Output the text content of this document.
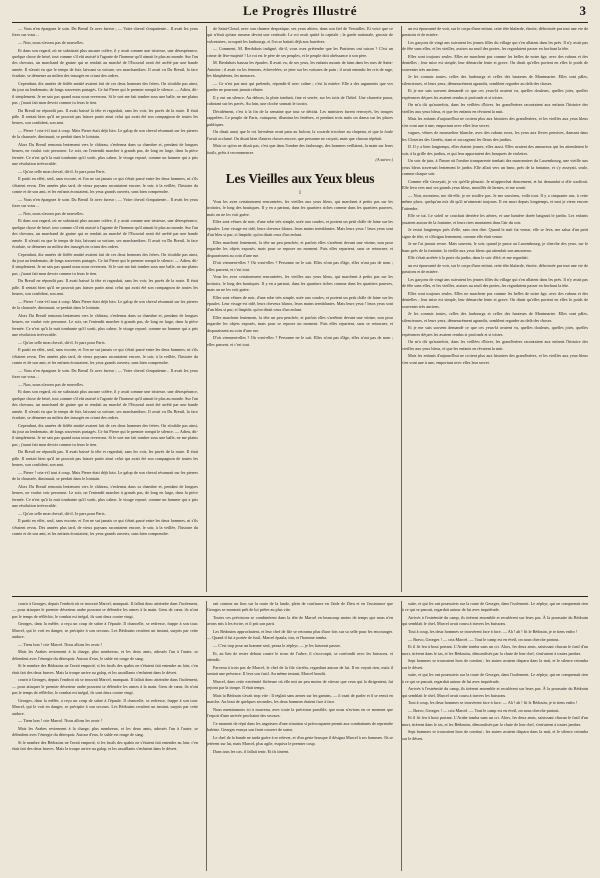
Le Progrès Illustré	3

— Vous n'en épargnez le soin. Du Breuil l'a avec fureur ; — Votre cheval s'impatiente... Il avait les yeux fixes sur vous ...

— Non, nous n'avons pas de nouvelles.

Et dans son regard, où ne subsistait plus aucune colère, il y avait comme une tristesse, une désespérance, quelque chose de brisé, tout comme s'il eût assisté à l'agonie de l'homme qu'il aimait le plus au monde. Sur l'un des chevaux, un marchand de graine qui se rendait au marché de l'Escurial avait été arrêté par une bande armée. Il n'avait eu que le temps de fuir, laissant sa voiture, ses marchandises. Il avait vu Du Breuil, la face écarlate, se démener au milieu des insurgés en criant des ordres.

Cependant, dix années de fidèle amitié avaient fait de ces deux hommes des frères. On n'oublie pas ainsi, du jour au lendemain, de longs souvenirs partagés. Ce fut Pierre qui le premier rompit le silence. — Adieu, dit-il simplement. Je ne sais pas quand nous nous reverrons. Si le sort me fait tomber sous une balle, ne me plains pas ; j'aurai fait mon devoir comme tu feras le tien.

Du Breuil ne répondit pas. Il avait baissé la tête et regardait, sans les voir, les pavés de la route. Il était pâle. Il sentait bien qu'il ne pouvait pas laisser partir ainsi celui qui avait été son compagnon de toutes les heures, son confident, son ami.

— Pierre ! cria-t-il tout à coup. Mais Pierre était déjà loin. Le galop de son cheval résonnait sur les pierres de la chaussée, diminuait, se perdait dans le lointain.

Alors Du Breuil remonta lentement vers le château, s'enferma dans sa chambre et, pendant de longues heures, ne voulut voir personne. Le soir, on l'entendit marcher à grands pas, de long en large, dans la pièce fermée. Ce n'est qu'à la nuit tombante qu'il sortit, plus calme, le visage reposé, comme un homme qui a pris une résolution irrévocable.

— Qu'on selle mon cheval, dit-il. Je pars pour Paris.

Il partit en effet, seul, sans escorte, et l'on ne sut jamais ce qui s'était passé entre les deux hommes, ni s'ils s'étaient revus. Des années plus tard, de vieux paysans racontaient encore, le soir, à la veillée, l'histoire du comte et de son ami, et les enfants écoutaient, les yeux grands ouverts, sans bien comprendre.

— Vous n'en épargnez le soin. Du Breuil l'a avec fureur ; — Votre cheval s'impatiente... Il avait les yeux fixes sur vous ...

— Non, nous n'avons pas de nouvelles.

Et dans son regard, où ne subsistait plus aucune colère, il y avait comme une tristesse, une désespérance, quelque chose de brisé, tout comme s'il eût assisté à l'agonie de l'homme qu'il aimait le plus au monde. Sur l'un des chevaux, un marchand de graine qui se rendait au marché de l'Escurial avait été arrêté par une bande armée. Il n'avait eu que le temps de fuir, laissant sa voiture, ses marchandises. Il avait vu Du Breuil, la face écarlate, se démener au milieu des insurgés en criant des ordres.

Cependant, dix années de fidèle amitié avaient fait de ces deux hommes des frères. On n'oublie pas ainsi, du jour au lendemain, de longs souvenirs partagés. Ce fut Pierre qui le premier rompit le silence. — Adieu, dit-il simplement. Je ne sais pas quand nous nous reverrons. Si le sort me fait tomber sous une balle, ne me plains pas ; j'aurai fait mon devoir comme tu feras le tien.

Du Breuil ne répondit pas. Il avait baissé la tête et regardait, sans les voir, les pavés de la route. Il était pâle. Il sentait bien qu'il ne pouvait pas laisser partir ainsi celui qui avait été son compagnon de toutes les heures, son confident, son ami.

— Pierre ! cria-t-il tout à coup. Mais Pierre était déjà loin. Le galop de son cheval résonnait sur les pierres de la chaussée, diminuait, se perdait dans le lointain.

Alors Du Breuil remonta lentement vers le château, s'enferma dans sa chambre et, pendant de longues heures, ne voulut voir personne. Le soir, on l'entendit marcher à grands pas, de long en large, dans la pièce fermée. Ce n'est qu'à la nuit tombante qu'il sortit, plus calme, le visage reposé, comme un homme qui a pris une résolution irrévocable.

— Qu'on selle mon cheval, dit-il. Je pars pour Paris.

Il partit en effet, seul, sans escorte, et l'on ne sut jamais ce qui s'était passé entre les deux hommes, ni s'ils s'étaient revus. Des années plus tard, de vieux paysans racontaient encore, le soir, à la veillée, l'histoire du comte et de son ami, et les enfants écoutaient, les yeux grands ouverts, sans bien comprendre.

— Vous n'en épargnez le soin. Du Breuil l'a avec fureur ; — Votre cheval s'impatiente... Il avait les yeux fixes sur vous ...

— Non, nous n'avons pas de nouvelles.

Et dans son regard, où ne subsistait plus aucune colère, il y avait comme une tristesse, une désespérance, quelque chose de brisé, tout comme s'il eût assisté à l'agonie de l'homme qu'il aimait le plus au monde. Sur l'un des chevaux, un marchand de graine qui se rendait au marché de l'Escurial avait été arrêté par une bande armée. Il n'avait eu que le temps de fuir, laissant sa voiture, ses marchandises. Il avait vu Du Breuil, la face écarlate, se démener au milieu des insurgés en criant des ordres.

Cependant, dix années de fidèle amitié avaient fait de ces deux hommes des frères. On n'oublie pas ainsi, du jour au lendemain, de longs souvenirs partagés. Ce fut Pierre qui le premier rompit le silence. — Adieu, dit-il simplement. Je ne sais pas quand nous nous reverrons. Si le sort me fait tomber sous une balle, ne me plains pas ; j'aurai fait mon devoir comme tu feras le tien.

Du Breuil ne répondit pas. Il avait baissé la tête et regardait, sans les voir, les pavés de la route. Il était pâle. Il sentait bien qu'il ne pouvait pas laisser partir ainsi celui qui avait été son compagnon de toutes les heures, son confident, son ami.

— Pierre ! cria-t-il tout à coup. Mais Pierre était déjà loin. Le galop de son cheval résonnait sur les pierres de la chaussée, diminuait, se perdait dans le lointain.

Alors Du Breuil remonta lentement vers le château, s'enferma dans sa chambre et, pendant de longues heures, ne voulut voir personne. Le soir, on l'entendit marcher à grands pas, de long en large, dans la pièce fermée. Ce n'est qu'à la nuit tombante qu'il sortit, plus calme, le visage reposé, comme un homme qui a pris une résolution irrévocable.

— Qu'on selle mon cheval, dit-il. Je pars pour Paris.

Il partit en effet, seul, sans escorte, et l'on ne sut jamais ce qui s'était passé entre les deux hommes, ni s'ils s'étaient revus. Des années plus tard, de vieux paysans racontaient encore, le soir, à la veillée, l'histoire du comte et de son ami, et les enfants écoutaient, les yeux grands ouverts, sans bien comprendre.

de Saint-Cloud, avec son charme despotique, ses yeux altiers, dans son fief de Versailles. Et voici que ce qui n'était qu'une rumeur devint une certitude. Le roi avait quitté la capitale ; la garde nationale, grossie de volontaires, occupait les faubourgs, et l'on se battait déjà aux barrières.

— Comment, M. Berdubois indigné, dit-il, vous osez prétendre que les Parisiens ont raison ? C'est un crime de lèse-majesté ! Le roi est le père de ses peuples, et le peuple doit obéissance à son père.

M. Berdubois haussa les épaules. Il avait vu, de ses yeux, les enfants mourir de faim dans les rues de Saint-Antoine ; il avait vu les femmes, échevelées, se jeter sur les voitures de pain ; il avait entendu les cris de rage, les blasphèmes, les menaces.

— Ce n'est pas moi qui prétends, répondit-il avec calme ; c'est la misère. Elle a des arguments que vos gardes ne pourront jamais réfuter.

Il y eut un silence. Au dehors, la pluie tombait, fine et serrée, sur les toits de l'hôtel. Une charrette passa, cahotant sur les pavés. Au loin, une cloche sonnait le tocsin.

Décidément, c'est à la fin de la semaine que tout se décida. Les ministres furent renvoyés, les troupes rappelées. Le peuple de Paris, vainqueur, illumina les fenêtres, et pendant trois nuits on dansa sur les places publiques.

On disait aussi que le roi lui-même avait paru au balcon, la cocarde tricolore au chapeau, et que la foule l'avait acclamé. On disait bien d'autres choses encore, que personne ne croyait, mais que chacun répétait.

Mais ce qu'on ne disait pas, c'est que dans l'ombre des faubourgs, des hommes veillaient, la main sur leurs fusils, prêts à recommencer.

(A suivre.)
Les Vieilles aux Yeux bleus
I

Vous les avez certainement rencontrées, les vieilles aux yeux bleus, qui marchent à petits pas sur les trottoirs, le long des boutiques. Il y en a partout, dans les quartiers riches comme dans les quartiers pauvres, mais on ne les voit guère.

Elles sont vêtues de noir, d'une robe très simple, usée aux coudes, et portent un petit châle de laine sur les épaules. Leur visage est ridé, leurs cheveux blancs, leurs mains tremblantes. Mais leurs yeux ! leurs yeux sont d'un bleu si pur, si limpide, qu'on dirait ceux d'un enfant.

Elles marchent lentement, la tête un peu penchée, et parfois elles s'arrêtent devant une vitrine, non pour regarder les objets exposés, mais pour se reposer un moment. Puis elles repartent, sans se retourner, et disparaissent au coin d'une rue.

D'où viennent-elles ? Où vont-elles ? Personne ne le sait. Elles n'ont pas d'âge, elles n'ont pas de nom ; elles passent, et c'est tout.

Vous les avez certainement rencontrées, les vieilles aux yeux bleus, qui marchent à petits pas sur les trottoirs, le long des boutiques. Il y en a partout, dans les quartiers riches comme dans les quartiers pauvres, mais on ne les voit guère.

Elles sont vêtues de noir, d'une robe très simple, usée aux coudes, et portent un petit châle de laine sur les épaules. Leur visage est ridé, leurs cheveux blancs, leurs mains tremblantes. Mais leurs yeux ! leurs yeux sont d'un bleu si pur, si limpide, qu'on dirait ceux d'un enfant.

Elles marchent lentement, la tête un peu penchée, et parfois elles s'arrêtent devant une vitrine, non pour regarder les objets exposés, mais pour se reposer un moment. Puis elles repartent, sans se retourner, et disparaissent au coin d'une rue.

D'où viennent-elles ? Où vont-elles ? Personne ne le sait. Elles n'ont pas d'âge, elles n'ont pas de nom ; elles passent, et c'est tout.

un est épouvanté de voir, sur le corps d'une enfant, cette tête blafarde, étroite, défroissée par tout une vie de passions et de misère.

Les garçons de vingt ans suivaient les jeunes filles du village qui s'en allaient dans les prés. Il n'y avait pas de fête sans elles, et les vieilles, assises au seuil des portes, les regardaient passer en hochant la tête.

Elles sont toujours seules. Elles ne marchent pas comme les belles de notre âge, avec des rubans et des dentelles ; leur mise est simple, leur démarche lente et grave. On dirait qu'elles portent en elles le poids de souvenirs très anciens.

Je les connais toutes, celles des faubourgs et celles des hauteurs de Montmartre. Elles sont pâles, silencieuses, et leurs yeux, démesurément agrandis, semblent regarder au delà des choses.

Et je me suis souvent demandé ce que ces yeux-là avaient vu, quelles douleurs, quelles joies, quelles espérances déçues les avaient rendus si profonds et si tristes.

On m'a dit qu'autrefois, dans les veillées d'hiver, les grand'mères racontaient aux enfants l'histoire des vieilles aux yeux bleus, et que les enfants en rêvaient la nuit.

Mais les enfants d'aujourd'hui ne croient plus aux histoires des grand'mères, et les vieilles aux yeux bleus s'en vont une à une, emportant avec elles leur secret.

vagues, vêtues de mousseline blanche, avec des rubans roses, les yeux aux lèvres pensives, dansant dans les Closeries des Genêts, riant et saccageant les fleurs des jardins.

II. Il y a bien longtemps, elles étaient jeunes, elles aussi. Elles avaient des amoureux qui les attendaient le soir, à la grille des jardins, et qui leur apportaient des bouquets de violettes.

Un soir de juin, à l'heure où l'ombre transparente tombait des marronniers du Luxembourg, une vieille aux yeux bleus traversait lentement le jardin. Elle allait vers un banc, près de la fontaine, et s'y asseyait, seule, comme chaque soir.

Comme elle s'asseyait, je vis qu'elle pleurait. Je m'approchai doucement, et lui demandai si elle souffrait. Elle leva vers moi ses grands yeux bleus, mouillés de larmes, et me sourit.

— Non, monsieur, me dit-elle, je ne souffre pas. Je me souviens, voilà tout. Il y a cinquante ans, à cette même place, quelqu'un m'a dit qu'il m'aimerait toujours. Il est mort depuis longtemps, et moi je viens encore l'attendre.

Elle se tut. Le soleil se couchait derrière les arbres, et une lumière dorée baignait le jardin. Les enfants jouaient autour de la fontaine, et leurs rires montaient dans l'air du soir.

Je restai longtemps près d'elle, sans rien dire. Quand la nuit fut venue, elle se leva, me salua d'un petit signe de tête, et s'éloigna lentement, comme elle était venue.

Je ne l'ai jamais revue. Mais souvent, le soir, quand je passe au Luxembourg, je cherche des yeux, sur le banc près de la fontaine, la vieille aux yeux bleus qui attendait son amoureux.

Elle s'était arrêtée à la porte du jardin, dans le soir d'été, et me regardait.

un est épouvanté de voir, sur le corps d'une enfant, cette tête blafarde, étroite, défroissée par tout une vie de passions et de misère.

Les garçons de vingt ans suivaient les jeunes filles du village qui s'en allaient dans les prés. Il n'y avait pas de fête sans elles, et les vieilles, assises au seuil des portes, les regardaient passer en hochant la tête.

Elles sont toujours seules. Elles ne marchent pas comme les belles de notre âge, avec des rubans et des dentelles ; leur mise est simple, leur démarche lente et grave. On dirait qu'elles portent en elles le poids de souvenirs très anciens.

Je les connais toutes, celles des faubourgs et celles des hauteurs de Montmartre. Elles sont pâles, silencieuses, et leurs yeux, démesurément agrandis, semblent regarder au delà des choses.

Et je me suis souvent demandé ce que ces yeux-là avaient vu, quelles douleurs, quelles joies, quelles espérances déçues les avaient rendus si profonds et si tristes.

On m'a dit qu'autrefois, dans les veillées d'hiver, les grand'mères racontaient aux enfants l'histoire des vieilles aux yeux bleus, et que les enfants en rêvaient la nuit.

Mais les enfants d'aujourd'hui ne croient plus aux histoires des grand'mères, et les vieilles aux yeux bleus s'en vont une à une, emportant avec elles leur secret.

courir à Georges, depuis l'endroit où se trouvait Marcel, manquait. Il fallait donc atteindre dans l'isolement, — pour attaquer le premier déserteur arabe pouvant se défendre les armes à la main. Gens de cœur, ils n'ont pas le temps de réfléchir, le combat est inégal, ils sont deux contre vingt.

Georges, dans la mêlée, a reçu un coup de sabre à l'épaule. Il chancelle, se redresse, frappe à son tour. Marcel, qui le voit en danger, se précipite à son secours. Les Bédouins reculent un instant, surpris par cette audace.

— Tiens bon ! crie Marcel. Nous allons les avoir !

Mais les Arabes reviennent à la charge, plus nombreux, et les deux amis, adossés l'un à l'autre, se défendent avec l'énergie du désespoir. Autour d'eux, le sable est rouge de sang.

Si le nombre des Bédouins ne l'avait emporté, si les fusils des spahis ne s'étaient fait entendre au loin, c'en était fait des deux braves. Mais la troupe arrive au galop, et les assaillants s'enfuient dans le désert.

courir à Georges, depuis l'endroit où se trouvait Marcel, manquait. Il fallait donc atteindre dans l'isolement, — pour attaquer le premier déserteur arabe pouvant se défendre les armes à la main. Gens de cœur, ils n'ont pas le temps de réfléchir, le combat est inégal, ils sont deux contre vingt.

Georges, dans la mêlée, a reçu un coup de sabre à l'épaule. Il chancelle, se redresse, frappe à son tour. Marcel, qui le voit en danger, se précipite à son secours. Les Bédouins reculent un instant, surpris par cette audace.

— Tiens bon ! crie Marcel. Nous allons les avoir !

Mais les Arabes reviennent à la charge, plus nombreux, et les deux amis, adossés l'un à l'autre, se défendent avec l'énergie du désespoir. Autour d'eux, le sable est rouge de sang.

Si le nombre des Bédouins ne l'avait emporté, si les fusils des spahis ne s'étaient fait entendre au loin, c'en était fait des deux braves. Mais la troupe arrive au galop, et les assaillants s'enfuient dans le désert.

rait comme un lion sur la route de la lande, plein de confiance en l'aide de Dieu et en l'assistance que Georges se montrait prêt de lui prêter au plus vite.

Toutes ces précisions se combinèrent dans la tête de Marcel en beaucoup moins de temps que nous n'en avons mis à les écrire, et il prit son parti.

Les Bédouins approchaient, et leur chef de file se retourna plus d'une fois sur sa selle pour les encourager. — Quand il fut à portée de fusil, Marcel épaula, tira, et l'homme tomba.

— C'est trop pour un homme seul, pensa le zéphyr, — je les laisserai passer.

Et, au lieu de rester debout contre le tronc de l'arbre, il s'accroupit, se confondit avec les buissons, et attendit.

Parvenu à trois pas de Marcel, le chef de la file s'arrêta, regardant autour de lui. Il ne voyait rien, mais il sentait une présence. Il leva son fusil. Au même instant, Marcel bondit.

Marcel, dans cette extrémité fâcheuse où elle mit un peu moins de vitesse que ceux qui la dirigeaient, fut rejoint par la troupe. Il était temps.

Mais la Bédouin s'avait trop vite : Il réglait sans armes sur les gamins, — il osait de parler et il se remit en marche. Au bout de quelques secondes, les deux hommes étaient face à face.

Nous mentionnons ici à nouveau, avec toute la précision possible, que nous n'avions en ce moment que l'espoir d'une arrivée prochaine des secours.

Ce moment de répit dans les angoisses d'une situation si préoccupante permit aux combattants de reprendre haleine. Georges essuya son front couvert de sueur.

Le chef de la bande ne tarda guère à se relever, et d'un geste brusque il désigna Marcel à ses hommes. Ils se jetèrent sur lui, mais Marcel, plus agile, esquiva le premier coup.

Dans tous les cas, il fallait tenir. Et ils tinrent.

suite, et qui les ont poursuivis sur la route de Georges, dans l'isolement. Le zéphyr, qui ne comprenait rien à ce qui se passait, regardait autour de lui avec inquiétude.

Arrivés à l'extrémité du camp, ils tirèrent ensemble et reculèrent sur leurs pas. À la poursuite du Bédouin qui semblait le chef, Marcel avait couru à travers les buissons.

Tout à coup, les deux hommes se trouvèrent face à face. — Ah ! ah ! fit le Bédouin, je te tiens enfin !

— Bravo, Georges ! — cria Marcel. — Tout le camp est en éveil, on nous cherche partout.

Et il fit feu à bout portant. L'Arabe tomba sans un cri. Alors, les deux amis, saisissant chacun le fusil d'un mort, tirèrent dans le tas, et les Bédouins, démoralisés par la chute de leur chef, s'enfuirent à toutes jambes.

Sept hommes se trouvaient hors de combat ; les autres avaient disparu dans la nuit, et le silence retomba sur le désert.

suite, et qui les ont poursuivis sur la route de Georges, dans l'isolement. Le zéphyr, qui ne comprenait rien à ce qui se passait, regardait autour de lui avec inquiétude.

Arrivés à l'extrémité du camp, ils tirèrent ensemble et reculèrent sur leurs pas. À la poursuite du Bédouin qui semblait le chef, Marcel avait couru à travers les buissons.

Tout à coup, les deux hommes se trouvèrent face à face. — Ah ! ah ! fit le Bédouin, je te tiens enfin !

— Bravo, Georges ! — cria Marcel. — Tout le camp est en éveil, on nous cherche partout.

Et il fit feu à bout portant. L'Arabe tomba sans un cri. Alors, les deux amis, saisissant chacun le fusil d'un mort, tirèrent dans le tas, et les Bédouins, démoralisés par la chute de leur chef, s'enfuirent à toutes jambes.

Sept hommes se trouvaient hors de combat ; les autres avaient disparu dans la nuit, et le silence retomba sur le désert.
